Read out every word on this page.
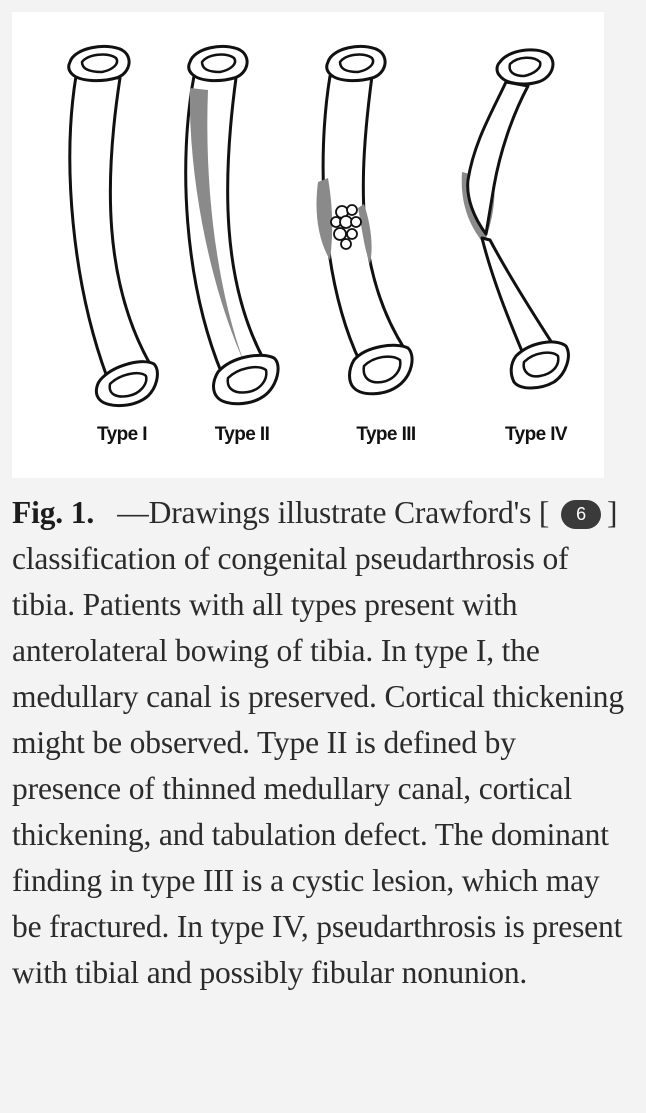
Type I	Type II	Type III	Type IV

Fig. 1. —Drawings illustrate Crawford's [ 6 ] classification of congenital pseudarthrosis of tibia. Patients with all types present with anterolateral bowing of tibia. In type I, the medullary canal is preserved. Cortical thickening might be observed. Type II is defined by presence of thinned medullary canal, cortical thickening, and tabulation defect. The dominant finding in type III is a cystic lesion, which may be fractured. In type IV, pseudarthrosis is present with tibial and possibly fibular nonunion.
